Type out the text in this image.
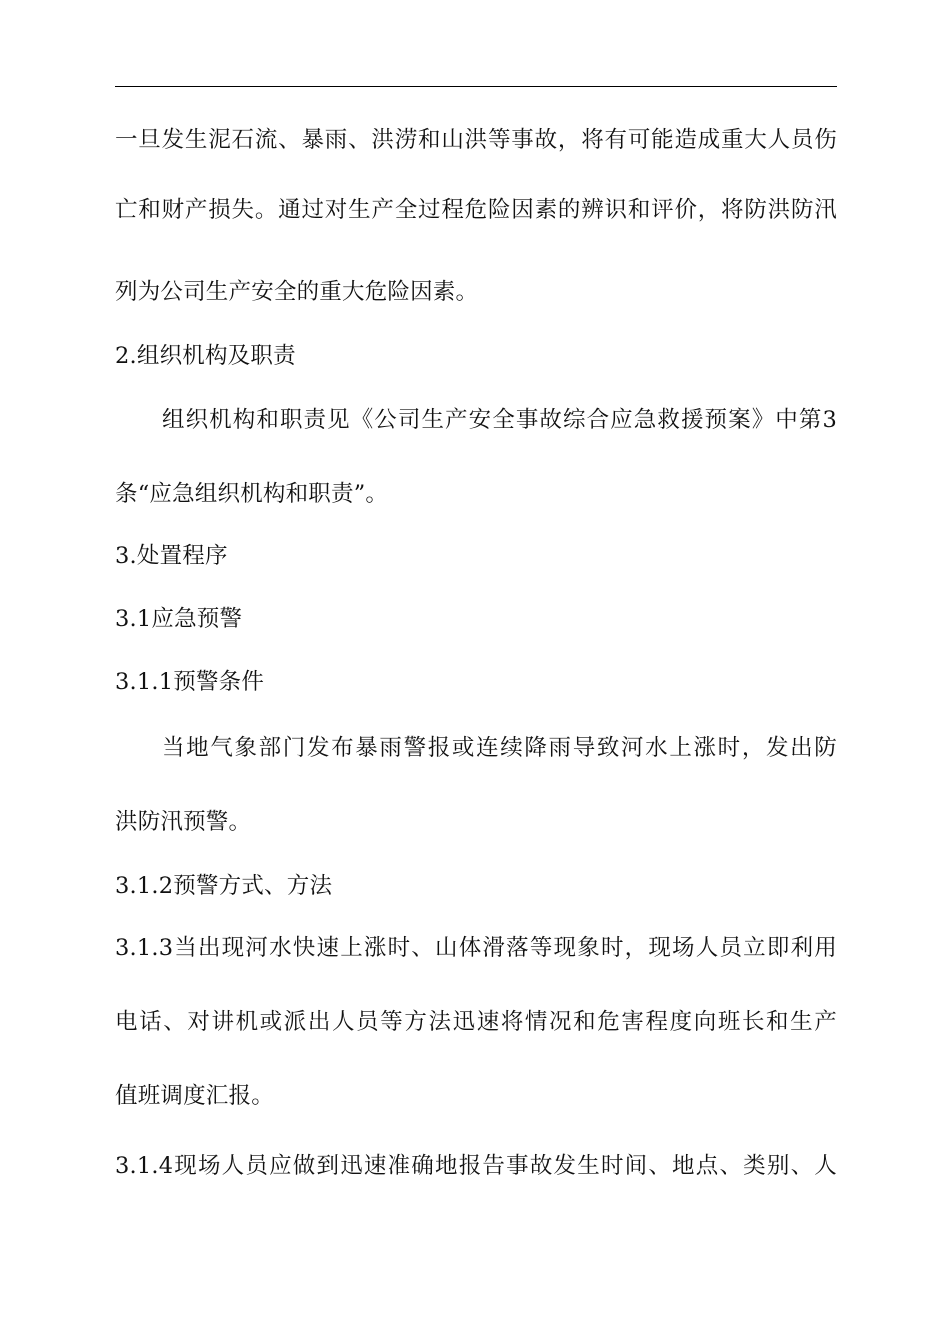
一旦发生泥石流、暴雨、洪涝和山洪等事故，将有可能造成重大人员伤
亡和财产损失。通过对生产全过程危险因素的辨识和评价，将防洪防汛
列为公司生产安全的重大危险因素。
2.组织机构及职责
组织机构和职责见《公司生产安全事故综合应急救援预案》中第3
条“应急组织机构和职责”。
3.处置程序
3.1应急预警
3.1.1预警条件
当地气象部门发布暴雨警报或连续降雨导致河水上涨时，发出防
洪防汛预警。
3.1.2预警方式、方法
3.1.3当出现河水快速上涨时、山体滑落等现象时，现场人员立即利用
电话、对讲机或派出人员等方法迅速将情况和危害程度向班长和生产
值班调度汇报。
3.1.4现场人员应做到迅速准确地报告事故发生时间、地点、类别、人
